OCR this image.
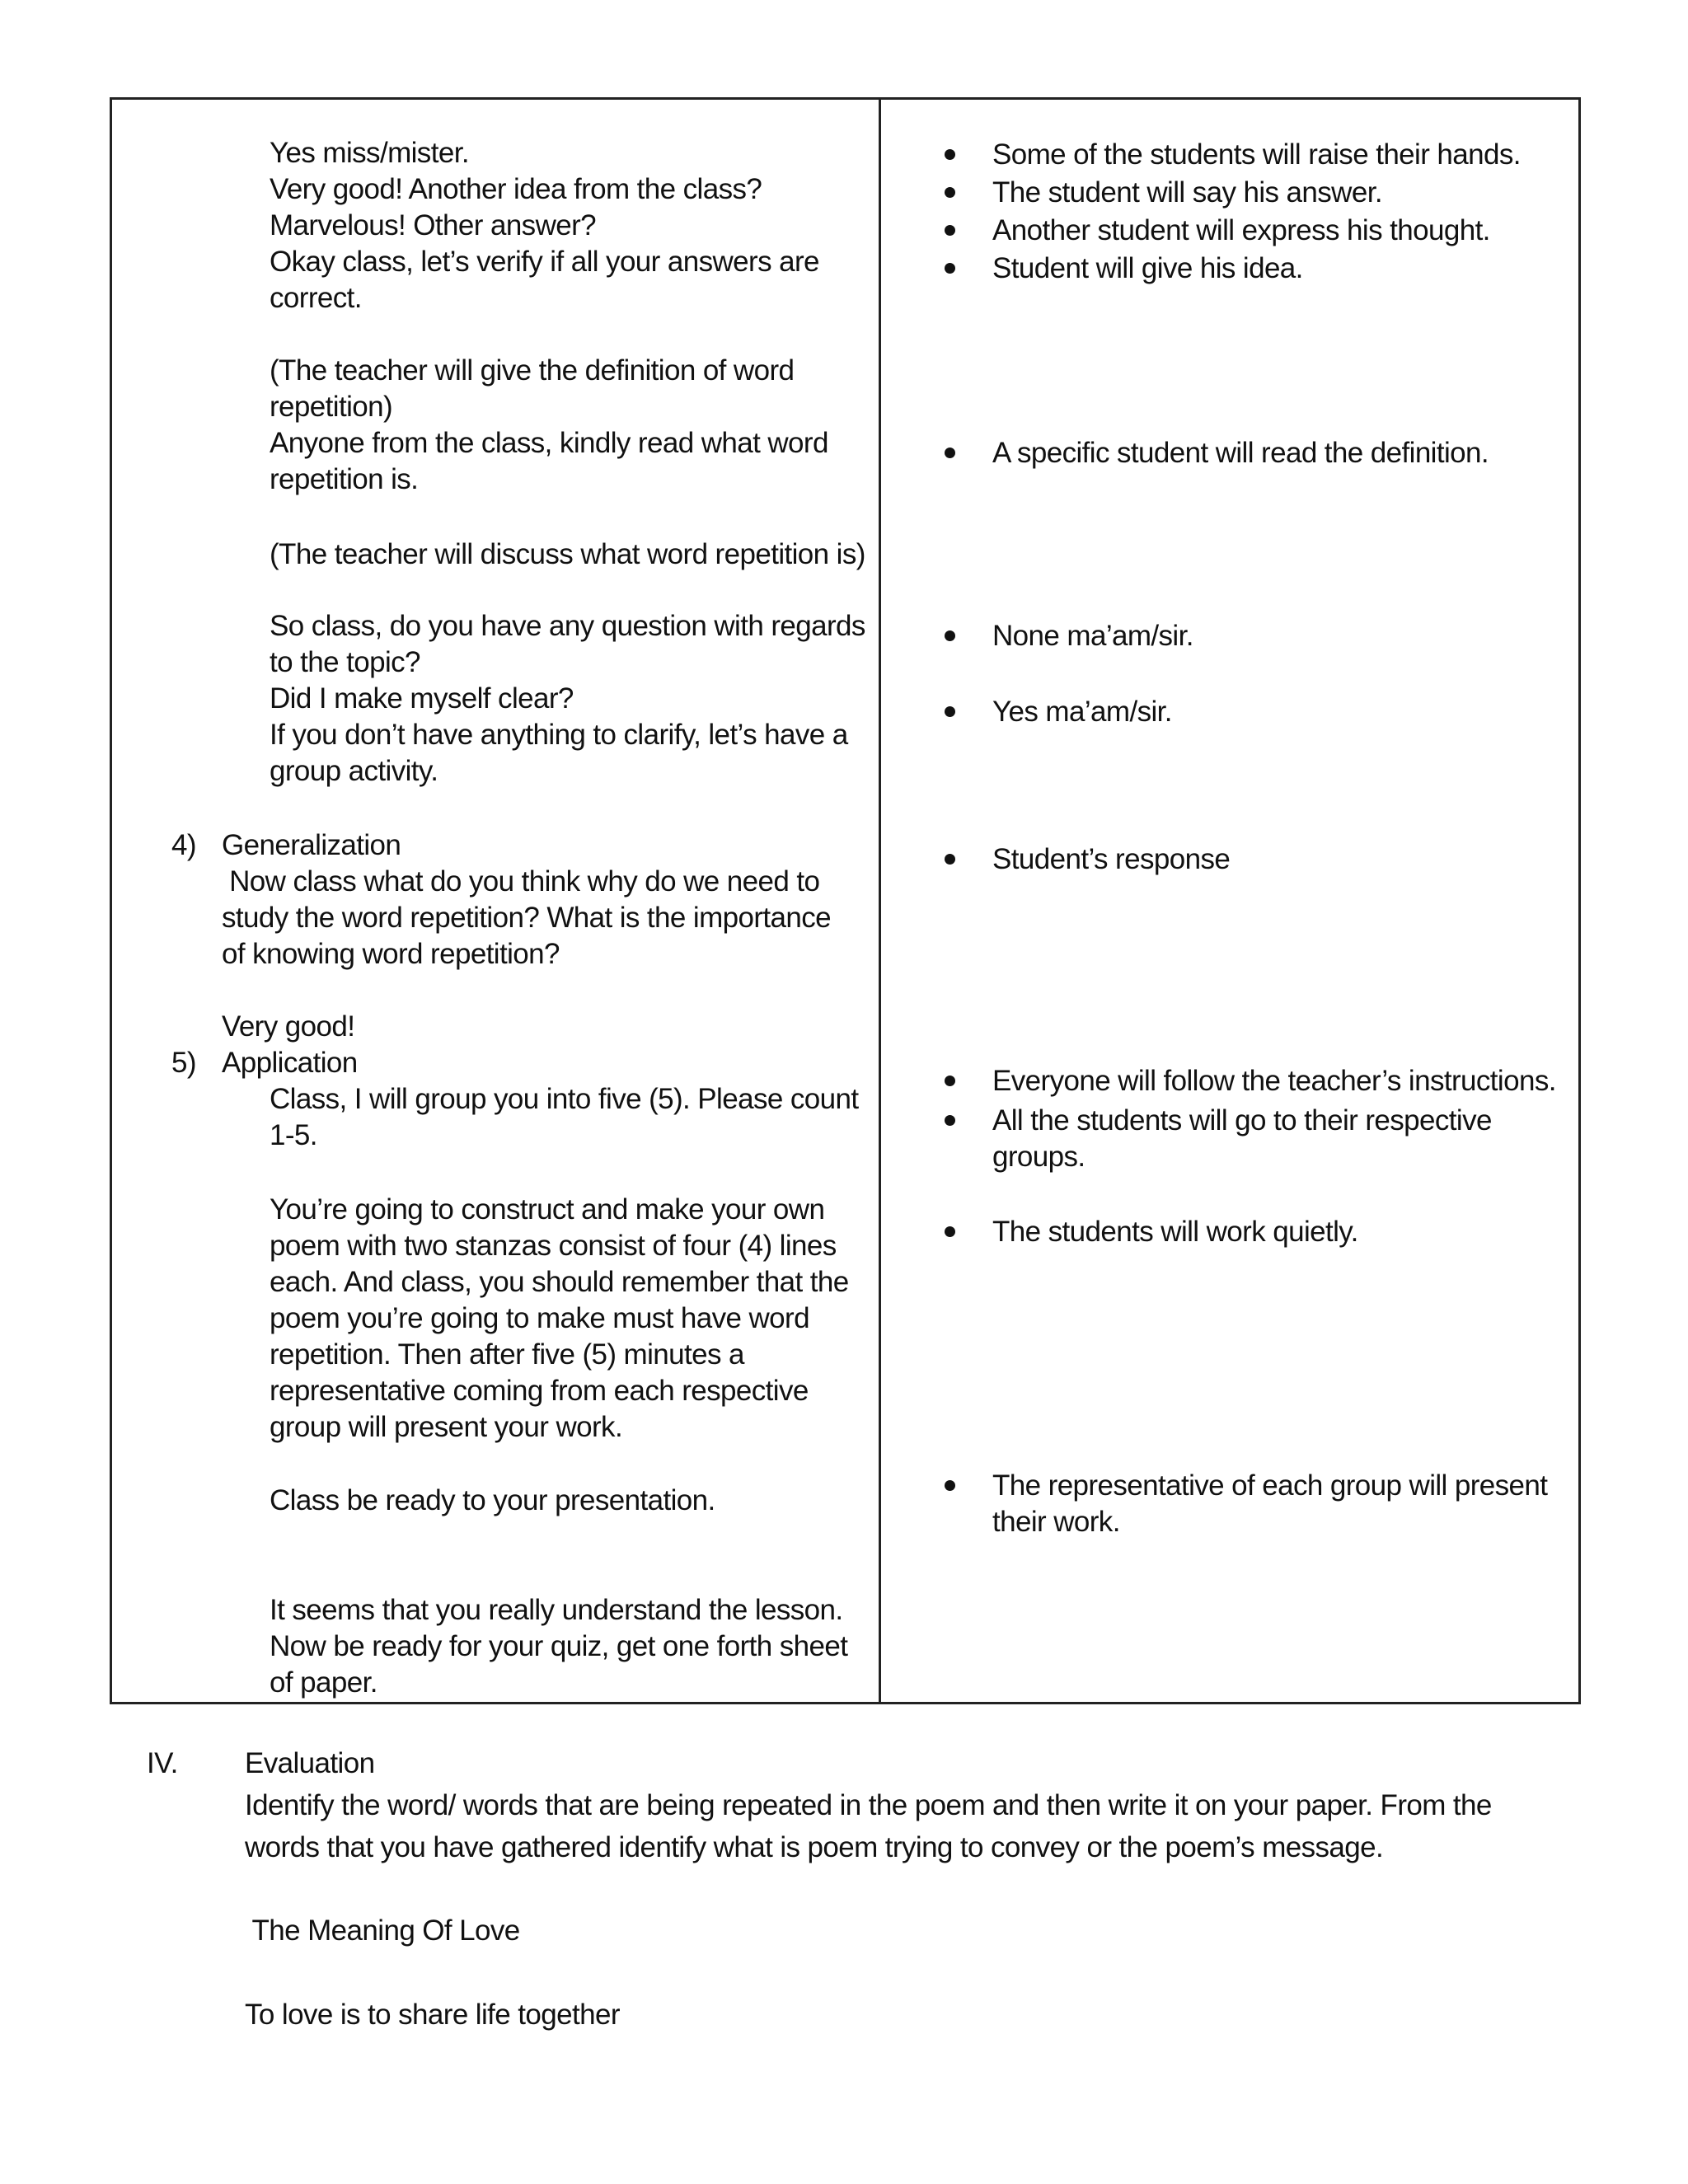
Yes miss/mister.
Very good! Another idea from the class?
Marvelous! Other answer?
Okay class, let’s verify if all your answers are
correct.
(The teacher will give the definition of word
repetition)
Anyone from the class, kindly read what word
repetition is.
(The teacher will discuss what word repetition is)
So class, do you have any question with regards
to the topic?
Did I make myself clear?
If you don’t have anything to clarify, let’s have a
group activity.
4) Generalization
Now class what do you think why do we need to
study the word repetition? What is the importance
of knowing word repetition?
Very good!
5) Application
Class, I will group you into five (5). Please count
1-5.
You’re going to construct and make your own
poem with two stanzas consist of four (4) lines
each. And class, you should remember that the
poem you’re going to make must have word
repetition. Then after five (5) minutes a
representative coming from each respective
group will present your work.
Class be ready to your presentation.
It seems that you really understand the lesson.
Now be ready for your quiz, get one forth sheet
of paper.
Some of the students will raise their hands.
The student will say his answer.
Another student will express his thought.
Student will give his idea.
A specific student will read the definition.
None ma’am/sir.
Yes ma’am/sir.
Student’s response
Everyone will follow the teacher’s instructions.
All the students will go to their respective
groups.
The students will work quietly.
The representative of each group will present
their work.
IV. Evaluation
Identify the word/ words that are being repeated in the poem and then write it on your paper. From the
words that you have gathered identify what is poem trying to convey or the poem’s message.
The Meaning Of Love
To love is to share life together
